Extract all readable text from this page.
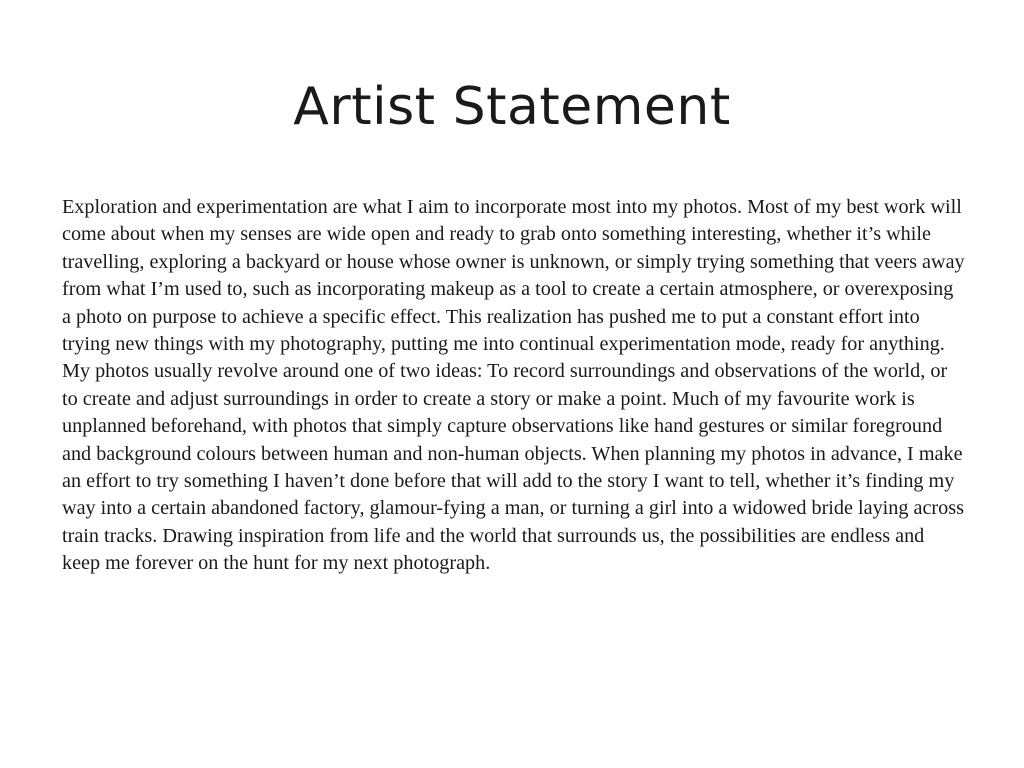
Artist Statement

Exploration and experimentation are what I aim to incorporate most into my photos. Most of my best work will come about when my senses are wide open and ready to grab onto something interesting, whether it’s while travelling, exploring a backyard or house whose owner is unknown, or simply trying something that veers away from what I’m used to, such as incorporating makeup as a tool to create a certain atmosphere, or overexposing a photo on purpose to achieve a specific effect. This realization has pushed me to put a constant effort into trying new things with my photography, putting me into continual experimentation mode, ready for anything. My photos usually revolve around one of two ideas: To record surroundings and observations of the world, or to create and adjust surroundings in order to create a story or make a point. Much of my favourite work is unplanned beforehand, with photos that simply capture observations like hand gestures or similar foreground and background colours between human and non-human objects. When planning my photos in advance, I make an effort to try something I haven’t done before that will add to the story I want to tell, whether it’s finding my way into a certain abandoned factory, glamour-fying a man, or turning a girl into a widowed bride laying across train tracks. Drawing inspiration from life and the world that surrounds us, the possibilities are endless and keep me forever on the hunt for my next photograph.
